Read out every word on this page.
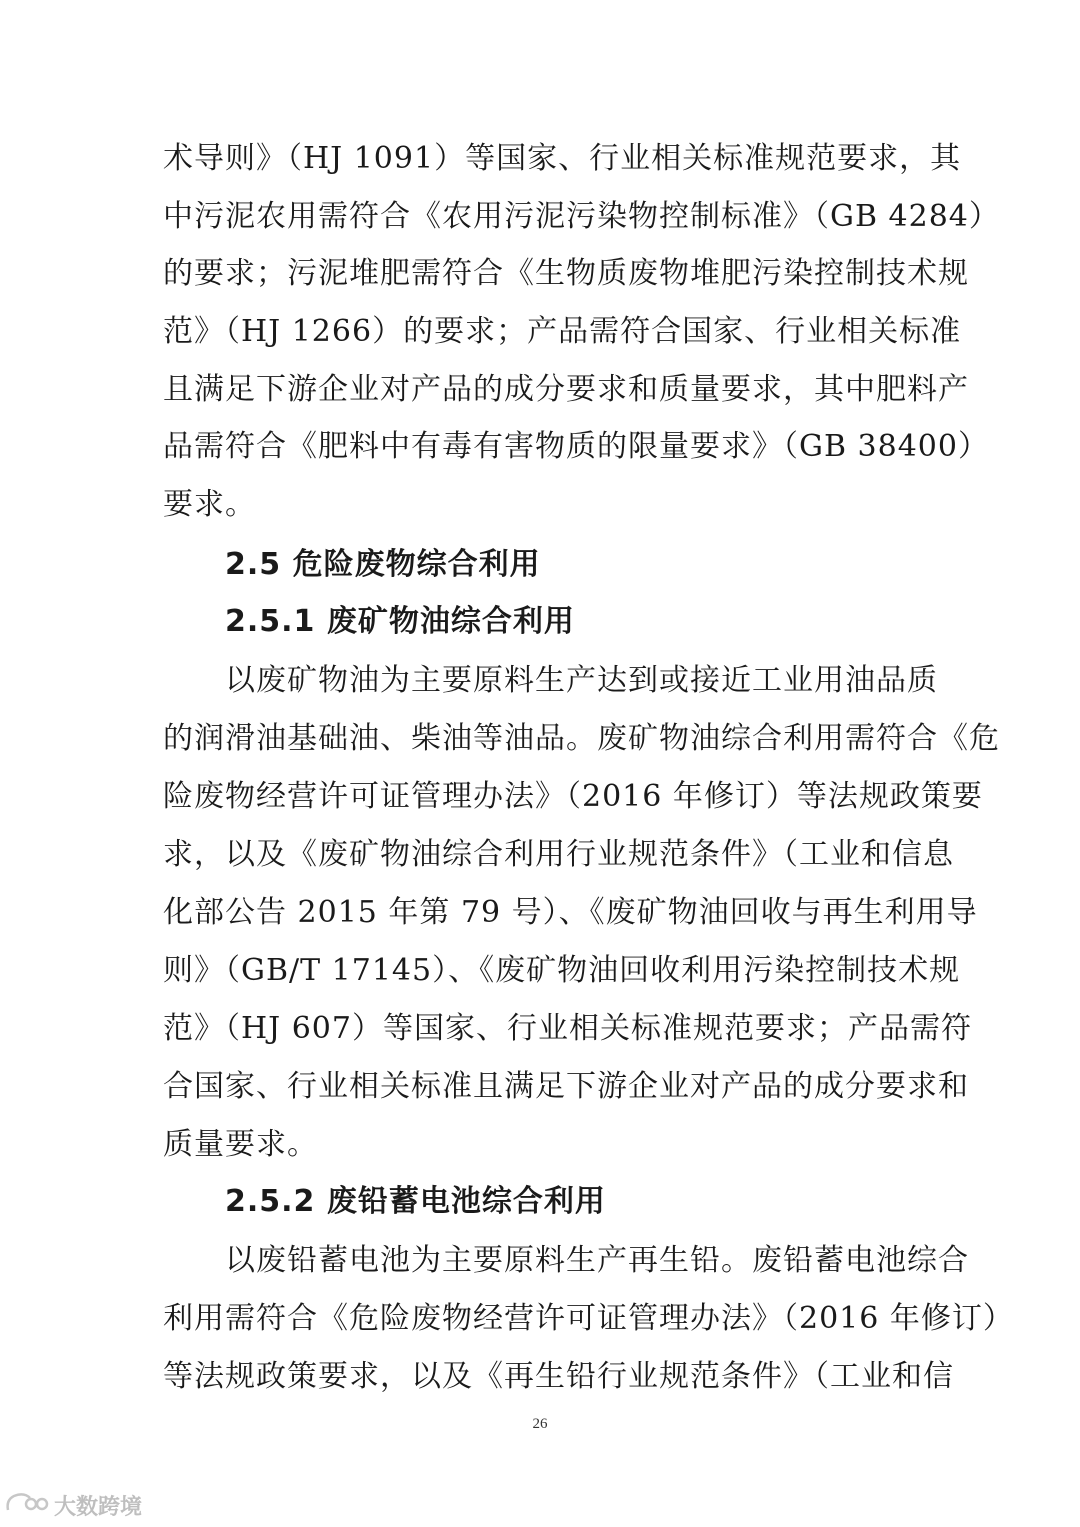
术导则》（HJ 1091）等国家、行业相关标准规范要求，其
中污泥农用需符合《农用污泥污染物控制标准》（GB 4284）
的要求；污泥堆肥需符合《生物质废物堆肥污染控制技术规
范》（HJ 1266）的要求；产品需符合国家、行业相关标准
且满足下游企业对产品的成分要求和质量要求，其中肥料产
品需符合《肥料中有毒有害物质的限量要求》（GB 38400）
要求。
2.5 危险废物综合利用
2.5.1 废矿物油综合利用
以废矿物油为主要原料生产达到或接近工业用油品质
的润滑油基础油、柴油等油品。废矿物油综合利用需符合《危
险废物经营许可证管理办法》（2016 年修订）等法规政策要
求，以及《废矿物油综合利用行业规范条件》（工业和信息
化部公告 2015 年第 79 号）、《废矿物油回收与再生利用导
则》（GB/T 17145）、《废矿物油回收利用污染控制技术规
范》（HJ 607）等国家、行业相关标准规范要求；产品需符
合国家、行业相关标准且满足下游企业对产品的成分要求和
质量要求。
2.5.2 废铅蓄电池综合利用
以废铅蓄电池为主要原料生产再生铅。废铅蓄电池综合
利用需符合《危险废物经营许可证管理办法》（2016 年修订）
等法规政策要求，以及《再生铅行业规范条件》（工业和信
26
大数跨境
